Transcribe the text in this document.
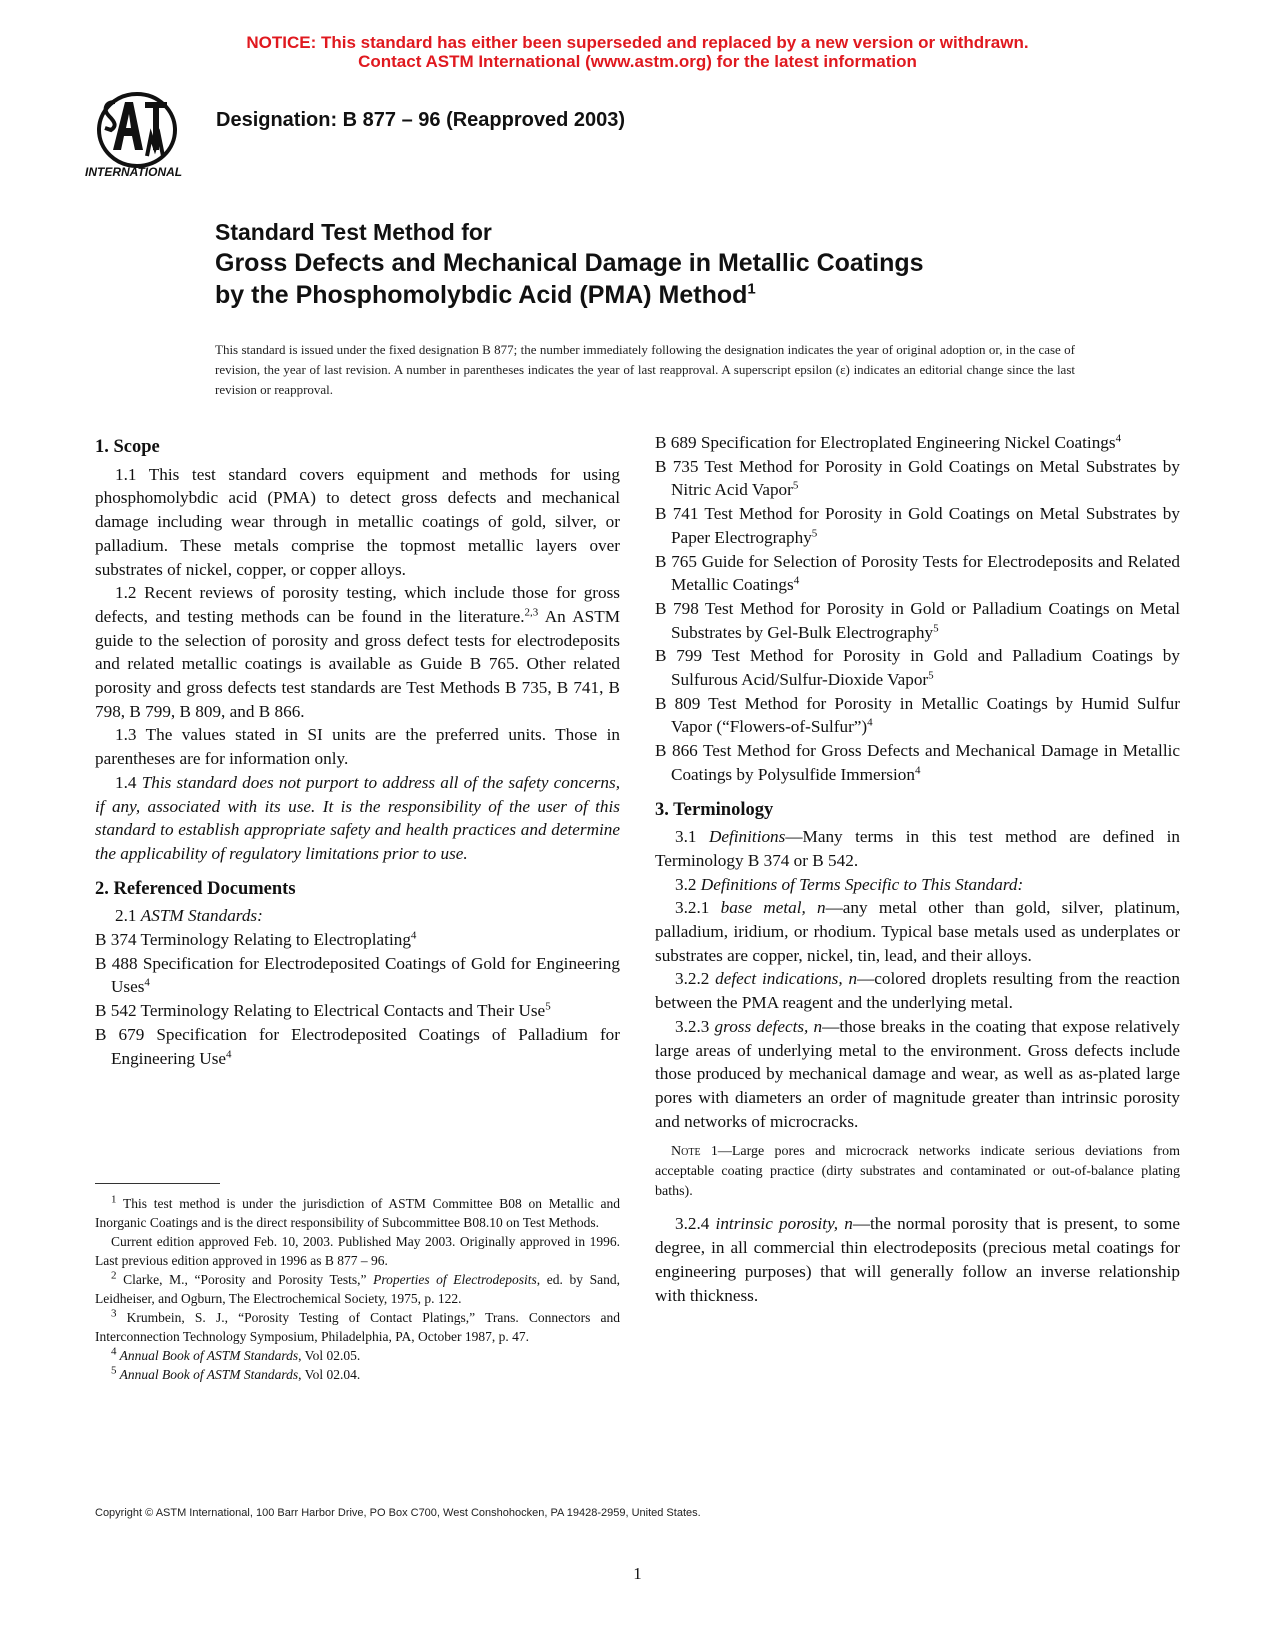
NOTICE: This standard has either been superseded and replaced by a new version or withdrawn.
Contact ASTM International (www.astm.org) for the latest information
INTERNATIONAL
Designation: B 877 – 96 (Reapproved 2003)
Standard Test Method for
Gross Defects and Mechanical Damage in Metallic Coatings
by the Phosphomolybdic Acid (PMA) Method$^1$
This standard is issued under the fixed designation B 877; the number immediately following the designation indicates the year of original adoption or, in the case of revision, the year of last revision. A number in parentheses indicates the year of last reapproval. A superscript epsilon (ε) indicates an editorial change since the last revision or reapproval.
1. Scope
1.1 This test standard covers equipment and methods for using phosphomolybdic acid (PMA) to detect gross defects and mechanical damage including wear through in metallic coatings of gold, silver, or palladium. These metals comprise the topmost metallic layers over substrates of nickel, copper, or copper alloys.
1.2 Recent reviews of porosity testing, which include those for gross defects, and testing methods can be found in the literature.$^{2,3}$ An ASTM guide to the selection of porosity and gross defect tests for electrodeposits and related metallic coatings is available as Guide B 765. Other related porosity and gross defects test standards are Test Methods B 735, B 741, B 798, B 799, B 809, and B 866.
1.3 The values stated in SI units are the preferred units. Those in parentheses are for information only.
1.4 This standard does not purport to address all of the safety concerns, if any, associated with its use. It is the responsibility of the user of this standard to establish appropriate safety and health practices and determine the applicability of regulatory limitations prior to use.
2. Referenced Documents
2.1 ASTM Standards:
B 374 Terminology Relating to Electroplating$^4$
B 488 Specification for Electrodeposited Coatings of Gold for Engineering Uses$^4$
B 542 Terminology Relating to Electrical Contacts and Their Use$^5$
B 679 Specification for Electrodeposited Coatings of Palladium for Engineering Use$^4$
$^1$ This test method is under the jurisdiction of ASTM Committee B08 on Metallic and Inorganic Coatings and is the direct responsibility of Subcommittee B08.10 on Test Methods.
Current edition approved Feb. 10, 2003. Published May 2003. Originally approved in 1996. Last previous edition approved in 1996 as B 877 – 96.
$^2$ Clarke, M., “Porosity and Porosity Tests,” Properties of Electrodeposits, ed. by Sand, Leidheiser, and Ogburn, The Electrochemical Society, 1975, p. 122.
$^3$ Krumbein, S. J., “Porosity Testing of Contact Platings,” Trans. Connectors and Interconnection Technology Symposium, Philadelphia, PA, October 1987, p. 47.
$^4$ Annual Book of ASTM Standards, Vol 02.05.
$^5$ Annual Book of ASTM Standards, Vol 02.04.
B 689 Specification for Electroplated Engineering Nickel Coatings$^4$
B 735 Test Method for Porosity in Gold Coatings on Metal Substrates by Nitric Acid Vapor$^5$
B 741 Test Method for Porosity in Gold Coatings on Metal Substrates by Paper Electrography$^5$
B 765 Guide for Selection of Porosity Tests for Electrodeposits and Related Metallic Coatings$^4$
B 798 Test Method for Porosity in Gold or Palladium Coatings on Metal Substrates by Gel-Bulk Electrography$^5$
B 799 Test Method for Porosity in Gold and Palladium Coatings by Sulfurous Acid/Sulfur-Dioxide Vapor$^5$
B 809 Test Method for Porosity in Metallic Coatings by Humid Sulfur Vapor (“Flowers-of-Sulfur”)$^4$
B 866 Test Method for Gross Defects and Mechanical Damage in Metallic Coatings by Polysulfide Immersion$^4$
3. Terminology
3.1 Definitions—Many terms in this test method are defined in Terminology B 374 or B 542.
3.2 Definitions of Terms Specific to This Standard:
3.2.1 base metal, n—any metal other than gold, silver, platinum, palladium, iridium, or rhodium. Typical base metals used as underplates or substrates are copper, nickel, tin, lead, and their alloys.
3.2.2 defect indications, n—colored droplets resulting from the reaction between the PMA reagent and the underlying metal.
3.2.3 gross defects, n—those breaks in the coating that expose relatively large areas of underlying metal to the environment. Gross defects include those produced by mechanical damage and wear, as well as as-plated large pores with diameters an order of magnitude greater than intrinsic porosity and networks of microcracks.
Note 1—Large pores and microcrack networks indicate serious deviations from acceptable coating practice (dirty substrates and contaminated or out-of-balance plating baths).
3.2.4 intrinsic porosity, n—the normal porosity that is present, to some degree, in all commercial thin electrodeposits (precious metal coatings for engineering purposes) that will generally follow an inverse relationship with thickness.
Copyright © ASTM International, 100 Barr Harbor Drive, PO Box C700, West Conshohocken, PA 19428-2959, United States.
1
